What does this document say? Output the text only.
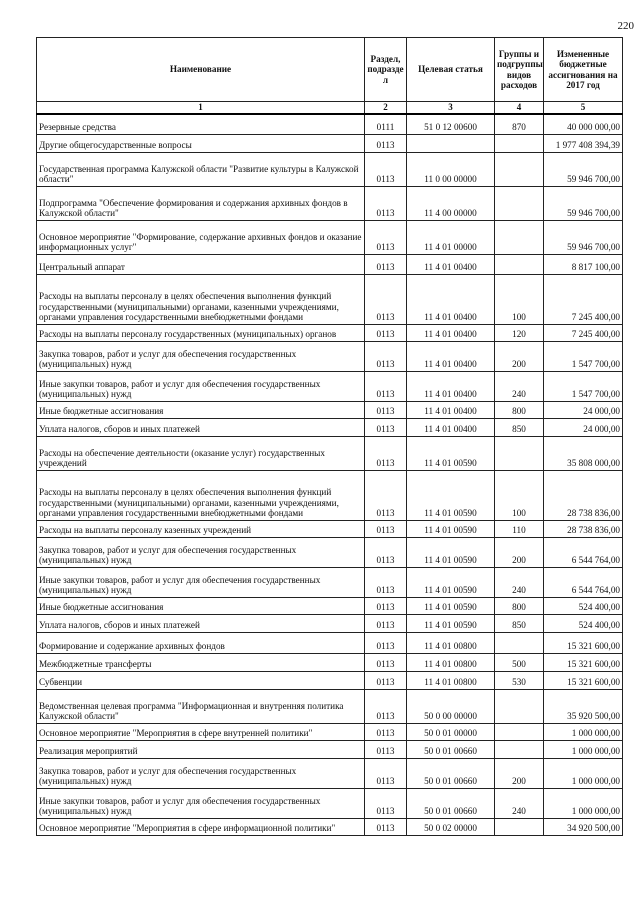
220
Наименование	Раздел, подразде л	Целевая статья	Группы и подгруппы видов расходов	Измененные бюджетные ассигнования на 2017 год
1	2	3	4	5
Резервные средства	0111	51 0 12 00600	870	40 000 000,00
Другие общегосударственные вопросы	0113			1 977 408 394,39
Государственная программа Калужской области "Развитие культуры в Калужской области"	0113	11 0 00 00000		59 946 700,00
Подпрограмма "Обеспечение формирования и содержания архивных фондов в Калужской области"	0113	11 4 00 00000		59 946 700,00
Основное мероприятие "Формирование, содержание архивных фондов и оказание информационных услуг"	0113	11 4 01 00000		59 946 700,00
Центральный аппарат	0113	11 4 01 00400		8 817 100,00
Расходы на выплаты персоналу в целях обеспечения выполнения функций государственными (муниципальными) органами, казенными учреждениями, органами управления государственными внебюджетными фондами	0113	11 4 01 00400	100	7 245 400,00
Расходы на выплаты персоналу государственных (муниципальных) органов	0113	11 4 01 00400	120	7 245 400,00
Закупка товаров, работ и услуг для обеспечения государственных (муниципальных) нужд	0113	11 4 01 00400	200	1 547 700,00
Иные закупки товаров, работ и услуг для обеспечения государственных (муниципальных) нужд	0113	11 4 01 00400	240	1 547 700,00
Иные бюджетные ассигнования	0113	11 4 01 00400	800	24 000,00
Уплата налогов, сборов и иных платежей	0113	11 4 01 00400	850	24 000,00
Расходы на обеспечение деятельности (оказание услуг) государственных учреждений	0113	11 4 01 00590		35 808 000,00
Расходы на выплаты персоналу в целях обеспечения выполнения функций государственными (муниципальными) органами, казенными учреждениями, органами управления государственными внебюджетными фондами	0113	11 4 01 00590	100	28 738 836,00
Расходы на выплаты персоналу казенных учреждений	0113	11 4 01 00590	110	28 738 836,00
Закупка товаров, работ и услуг для обеспечения государственных (муниципальных) нужд	0113	11 4 01 00590	200	6 544 764,00
Иные закупки товаров, работ и услуг для обеспечения государственных (муниципальных) нужд	0113	11 4 01 00590	240	6 544 764,00
Иные бюджетные ассигнования	0113	11 4 01 00590	800	524 400,00
Уплата налогов, сборов и иных платежей	0113	11 4 01 00590	850	524 400,00
Формирование и содержание архивных фондов	0113	11 4 01 00800		15 321 600,00
Межбюджетные трансферты	0113	11 4 01 00800	500	15 321 600,00
Субвенции	0113	11 4 01 00800	530	15 321 600,00
Ведомственная целевая программа "Информационная и внутренняя политика Калужской области"	0113	50 0 00 00000		35 920 500,00
Основное мероприятие "Мероприятия в сфере внутренней политики"	0113	50 0 01 00000		1 000 000,00
Реализация мероприятий	0113	50 0 01 00660		1 000 000,00
Закупка товаров, работ и услуг для обеспечения государственных (муниципальных) нужд	0113	50 0 01 00660	200	1 000 000,00
Иные закупки товаров, работ и услуг для обеспечения государственных (муниципальных) нужд	0113	50 0 01 00660	240	1 000 000,00
Основное мероприятие "Мероприятия в сфере информационной политики"	0113	50 0 02 00000		34 920 500,00
